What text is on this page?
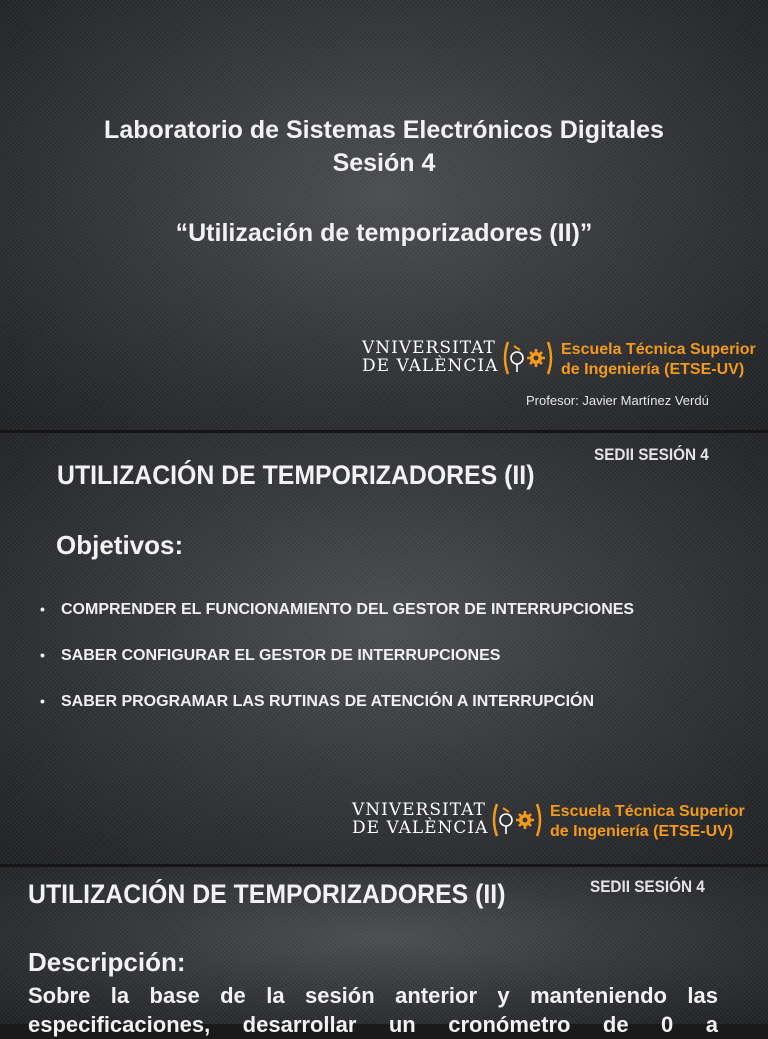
Laboratorio de Sistemas Electrónicos Digitales
Sesión 4
“Utilización de temporizadores (II)”
VNIVERSITAT
DE VALÈNCIA
Escuela Técnica Superior
de Ingeniería (ETSE-UV)
Profesor: Javier Martínez Verdú
SEDII SESIÓN 4
UTILIZACIÓN DE TEMPORIZADORES (II)
Objetivos:
• COMPRENDER EL FUNCIONAMIENTO DEL GESTOR DE INTERRUPCIONES
• SABER CONFIGURAR EL GESTOR DE INTERRUPCIONES
• SABER PROGRAMAR LAS RUTINAS DE ATENCIÓN A INTERRUPCIÓN
VNIVERSITAT
DE VALÈNCIA
Escuela Técnica Superior
de Ingeniería (ETSE-UV)
SEDII SESIÓN 4
UTILIZACIÓN DE TEMPORIZADORES (II)
Descripción:
Sobre la base de la sesión anterior y manteniendo las
especificaciones, desarrollar un cronómetro de 0 a
